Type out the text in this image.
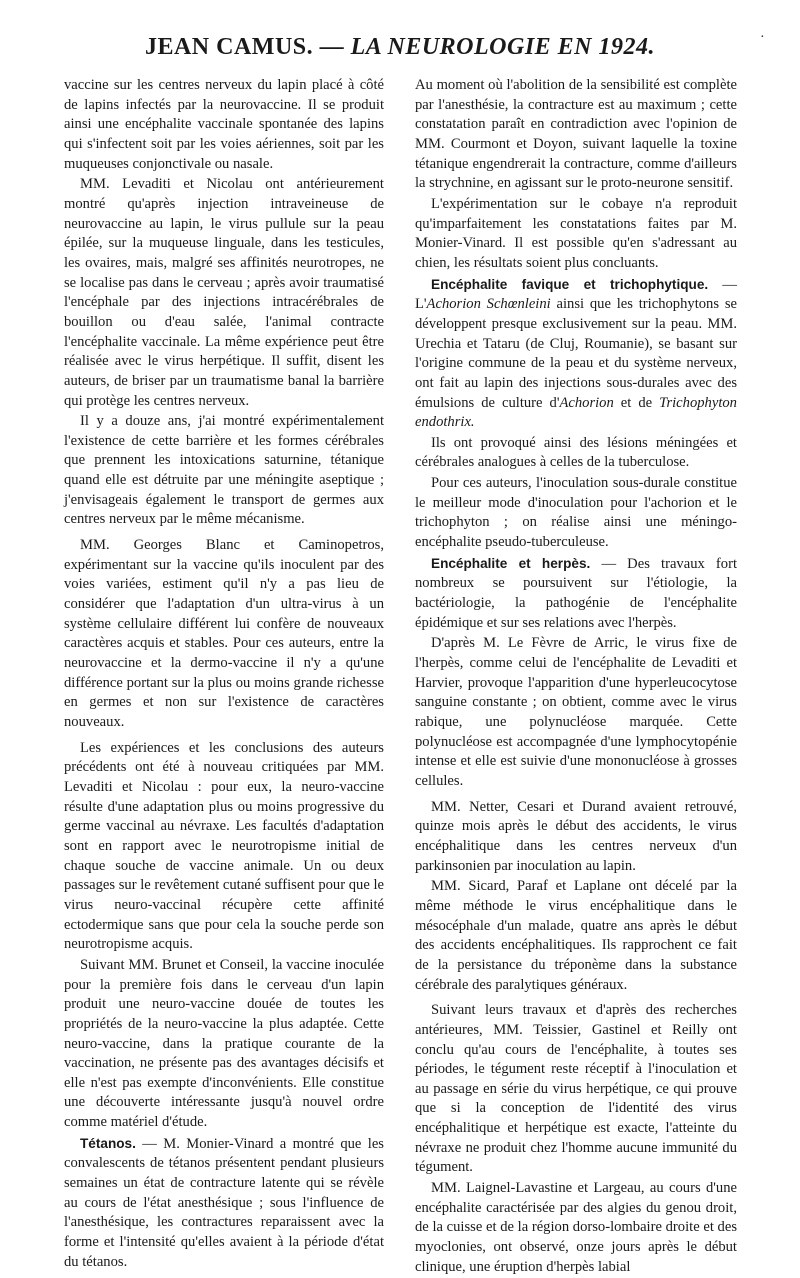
JEAN CAMUS. — LA NEUROLOGIE EN 1924.	·

vaccine sur les centres nerveux du lapin placé à côté de lapins infectés par la neurovaccine. Il se produit ainsi une encéphalite vaccinale spontanée des lapins qui s'infectent soit par les voies aériennes, soit par les muqueuses conjonctivale ou nasale.

MM. Levaditi et Nicolau ont antérieurement montré qu'après injection intraveineuse de neurovaccine au lapin, le virus pullule sur la peau épilée, sur la muqueuse linguale, dans les testicules, les ovaires, mais, malgré ses affinités neurotropes, ne se localise pas dans le cerveau ; après avoir traumatisé l'encéphale par des injections intracérébrales de bouillon ou d'eau salée, l'animal contracte l'encéphalite vaccinale. La même expérience peut être réalisée avec le virus herpétique. Il suffit, disent les auteurs, de briser par un traumatisme banal la barrière qui protège les centres nerveux.

Il y a douze ans, j'ai montré expérimentalement l'existence de cette barrière et les formes cérébrales que prennent les intoxications saturnine, tétanique quand elle est détruite par une méningite aseptique ; j'envisageais également le transport de germes aux centres nerveux par le même mécanisme.

MM. Georges Blanc et Caminopetros, expérimentant sur la vaccine qu'ils inoculent par des voies variées, estiment qu'il n'y a pas lieu de considérer que l'adaptation d'un ultra-virus à un système cellulaire différent lui confère de nouveaux caractères acquis et stables. Pour ces auteurs, entre la neurovaccine et la dermo-vaccine il n'y a qu'une différence portant sur la plus ou moins grande richesse en germes et non sur l'existence de caractères nouveaux.

Les expériences et les conclusions des auteurs précédents ont été à nouveau critiquées par MM. Levaditi et Nicolau : pour eux, la neuro-vaccine résulte d'une adaptation plus ou moins progressive du germe vaccinal au névraxe. Les facultés d'adaptation sont en rapport avec le neurotropisme initial de chaque souche de vaccine animale. Un ou deux passages sur le revêtement cutané suffisent pour que le virus neuro-vaccinal récupère cette affinité ectodermique sans que pour cela la souche perde son neurotropisme acquis.

Suivant MM. Brunet et Conseil, la vaccine inoculée pour la première fois dans le cerveau d'un lapin produit une neuro-vaccine douée de toutes les propriétés de la neuro-vaccine la plus adaptée. Cette neuro-vaccine, dans la pratique courante de la vaccination, ne présente pas des avantages décisifs et elle n'est pas exempte d'inconvénients. Elle constitue une découverte intéressante jusqu'à nouvel ordre comme matériel d'étude.

Tétanos. — M. Monier-Vinard a montré que les convalescents de tétanos présentent pendant plusieurs semaines un état de contracture latente qui se révèle au cours de l'état anesthésique ; sous l'influence de l'anesthésique, les contractures reparaissent avec la forme et l'intensité qu'elles avaient à la période d'état du tétanos.

Au moment où l'abolition de la sensibilité est complète par l'anesthésie, la contracture est au maximum ; cette constatation paraît en contradiction avec l'opinion de MM. Courmont et Doyon, suivant laquelle la toxine tétanique engendrerait la contracture, comme d'ailleurs la strychnine, en agissant sur le proto-neurone sensitif.

L'expérimentation sur le cobaye n'a reproduit qu'imparfaitement les constatations faites par M. Monier-Vinard. Il est possible qu'en s'adressant au chien, les résultats soient plus concluants.

Encéphalite favique et trichophytique. — L'Achorion Schœnleini ainsi que les trichophytons se développent presque exclusivement sur la peau. MM. Urechia et Tataru (de Cluj, Roumanie), se basant sur l'origine commune de la peau et du système nerveux, ont fait au lapin des injections sous-durales avec des émulsions de culture d'Achorion et de Trichophyton endothrix.

Ils ont provoqué ainsi des lésions méningées et cérébrales analogues à celles de la tuberculose.

Pour ces auteurs, l'inoculation sous-durale constitue le meilleur mode d'inoculation pour l'achorion et le trichophyton ; on réalise ainsi une méningo-encéphalite pseudo-tuberculeuse.

Encéphalite et herpès. — Des travaux fort nombreux se poursuivent sur l'étiologie, la bactériologie, la pathogénie de l'encéphalite épidémique et sur ses relations avec l'herpès.

D'après M. Le Fèvre de Arric, le virus fixe de l'herpès, comme celui de l'encéphalite de Levaditi et Harvier, provoque l'apparition d'une hyperleucocytose sanguine constante ; on obtient, comme avec le virus rabique, une polynucléose marquée. Cette polynucléose est accompagnée d'une lymphocytopénie intense et elle est suivie d'une mononucléose à grosses cellules.

MM. Netter, Cesari et Durand avaient retrouvé, quinze mois après le début des accidents, le virus encéphalitique dans les centres nerveux d'un parkinsonien par inoculation au lapin.

MM. Sicard, Paraf et Laplane ont décelé par la même méthode le virus encéphalitique dans le mésocéphale d'un malade, quatre ans après le début des accidents encéphalitiques. Ils rapprochent ce fait de la persistance du tréponème dans la substance cérébrale des paralytiques généraux.

Suivant leurs travaux et d'après des recherches antérieures, MM. Teissier, Gastinel et Reilly ont conclu qu'au cours de l'encéphalite, à toutes ses périodes, le tégument reste réceptif à l'inoculation et au passage en série du virus herpétique, ce qui prouve que si la conception de l'identité des virus encéphalitique et herpétique est exacte, l'atteinte du névraxe ne produit chez l'homme aucune immunité du tégument.

MM. Laignel-Lavastine et Largeau, au cours d'une encéphalite caractérisée par des algies du genou droit, de la cuisse et de la région dorso-lombaire droite et des myoclonies, ont observé, onze jours après le début clinique, une éruption d'herpès labial
